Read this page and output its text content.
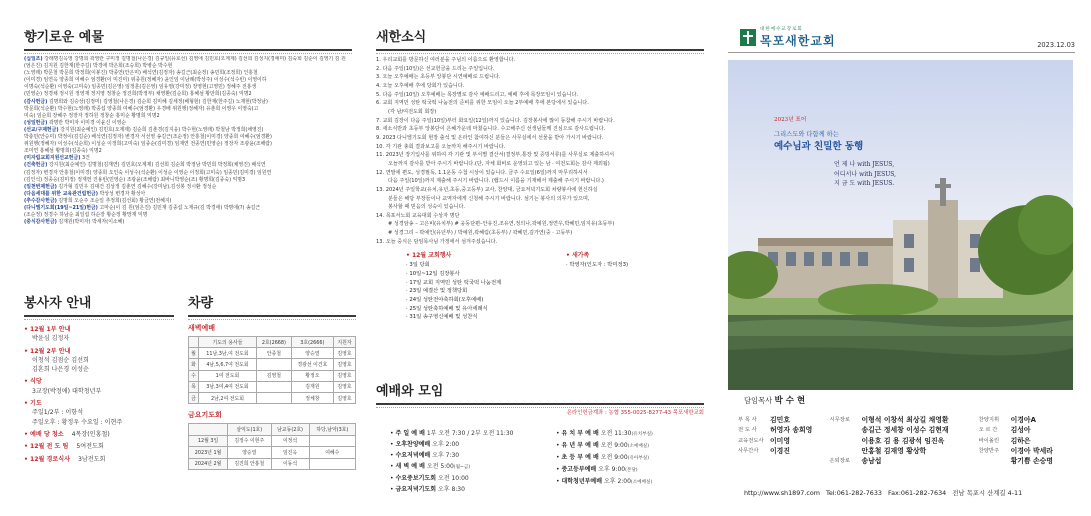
향기로운 예물
(십일조) 강래명김옥영 강명희 곽영란 구미정 김명철(나은경) 김규일(유호선) 김영애 김민호(오계제) 김선희 김성지(경예미) 김숙희 김순이 김영기 김 원(엄은진) 김지원 김한재(한주길) 박경애 박은희(조승희) 박병순 박수현
(노영래) 박문철 박문희 박정희(이봉진) 박종연(안은미) 배석연(김정자) 송길근(최순정) 송민희(조정희) 인홍철
(이미경) 임연옥 양종희 여혜수 엄경환(이 미진미) 위종원(정혜자) 윤인임 이남례(박상주) 이성수(석수빈) 이영이하
이명숙(석순환) 이영숙(고미숙) 임종민(김은영) 임정훈(김은영) 임유영(강미정) 장영현(고영민) 정혜주 전홍생
(민영순) 정경채 정시원 정영재 정지영 정창순 정진희(박정부) 채영환(김순희) 홍혜섬 황만희(김종숙) 익명2
(감사헌금) 김명희와 김승상(김정미) 김영철(나은경) 김순희 김미혜 김세정(배형현) 김한재(한주길) 노재현(박정남)
박문희(석순환) 박수현(노영래) 박종섭 양종희 여혜수(엄경환) 우경배 위원행(정혜자) 유춘희 이영우 이영숙(고
미숙) 임순희 장혜주 정장자 정하원 정창순 홍미순 황명희 익명2
(성일헌금) 곽명란 박미자 이미경 이윤신 이영순
(선교/구제헌금) 강지원(최순예인) 김민호(오계제) 김순희 김춘경(김지웅) 박수현(노영래) 박철남 박정희(채영진)
박충민(안승미) 박정이(김길순) 배석연(김정자) 변경자 서선영 송길근(조순정) 안홍철(이미경) 양종희 여혜수(엄경환)
위원행(정혜자) 이성수(석순희) 이성순 이정희(고미숙) 임종순(김미경) 임재연 전종연(민영순) 정장자 조광윤(조해람)
조미연 홍혜섬 황명희(김종숙) 익명2
(미자립교회지원선교헌금) 3건
(건축헌금) 강지원(최순예인) 김명철(김재연) 김민호(오계제) 김선희 김순희 박정남 박민희 박정희(채영진) 배석연
(김정자) 변경자 안홍철(이미경) 양종희 오인숙 이성수(석순환) 이성순 이영순 이정희(고미숙) 임종민(김미경) 임원연
(김인석) 정종응(김미정) 정재헌 진용빈(민영순) 조광윤(조해람) 최바니박영순(조) 황명희(김종숙) 익명3
(일천번제헌금) 김가형 김민우 김대건 김상정 김춘연 김혜수(강미남),김성봉 정시환 정성순
(다음세대를 위한 교육관건립헌금) 박상성 변경자 황성아
(추수감사헌금) 김명희 오순주 조순일 추정희(김선회) 황금연(천혜지)
(다니엘기도회(19일~21일)헌금) 고마순(이 김 원(엄은진) 김민재 김종섭 노재규(김 박경애) 박명애(?) 송길근
(조순정) 정경수 하남순 최일섭 하순장 황순정 황망재 익명
(중식감사헌금) 김재원(박미자) 박세자(이소혜)
봉사자 안내
• 12월 1부 안내
박윤심 김정자
• 12월 2부 안내
이청석 김점순 김선희
김혼희 나은경 이성순
• 식당
3교장(박정애) 대학청년부
• 기도
주일1/2부 : 이항석
주일오후 : 황정우 수요일 : 이현주
• 예배 당 청소 4목장(인홍철)
• 12월 전 도 팀 5여전도회
• 12월 경로식사 3남전도회
차량
새벽예배
	기도의 용사들	2호(2668)	3호(2666)	지원자
월	11남,3남,여 전도회	안종철	양승열	김영호
화	4남,5,6,7여 전도회		경광선 이건호	김영호
수	1여 전도회	김영철	황정오	김영호
목	3남,3여,4여 전도회		김재원	김영호
금	2남,2여 전도회		정체창	김영호
금요기도회
	삼익도(1호)	남교동(2호)	하당,남악(3호)
12월 3일	김정수 이현주	이정석	
2023년 1월	양승열	임진옥	여혜수
2024년 2월	김진희 안홍철	이동석	
새한소식
1. 우리교회를 방문하신 여러분을 주님의 이름으로 환영합니다.
2. 다음 주일(10일)은 선교헌금을 드리는 주일입니다.
3. 오늘 오후예배는 초등부 앙봉단 시연예배로 드립니다.
4. 오늘 오후예배 후에 당회가 있습니다.
5. 다음 주일(10일) 오후예배는 목장별로 감사 예배드리고, 예배 후에 목장모임이 있습니다.
6. 교회 지역민 성탄 떡국떡 나눔전의 준비를 위한 모임이 오늘 2부예배 후에 본당에서 있습니다.
(각 남/여전도회 회장)
7. 교회 김장이 다음 주일(10일)부터 화요일(12일)까지 있습니다. 김장봉사에 많이 동참해 주시기 바랍니다.
8. 새소식반과 초등부 앙봉단이 은혜가운데 마쳤습니다. 수고해주신 선생님들께 진심으로 감사드립니다.
9. 2023 다니엘기도회 현장 출석 및 온라인 참여하신 분들은 사무실에서 선물을 받아 가시기 바랍니다.
10. 각 기관 총회 결과보고를 오늘까지 해주시기 바랍니다.
11. 2023년 장기입사를 위하여 각 기관 및 부서별 결산서(결정부,통장 및 증빙서류)를 사무실로 제출하셔서
오늘까지 감사를 받아 주시기 바랍니다.(단, 자체 회비로 운영되고 있는 남 · 여전도회는 감사 제외됨)
12. 연말에 편도, 성경필독, 1.1운동 수첩 시상이 있습니다. 금주 수요일(6일)까지 마무리하셔서
다음 주일(10일)까지 제출해 주시기 바랍니다. (랩드시 이름을 기재해서 제출해 주시기 바랍니다.)
13. 2024년 주일학교(유치,유년,초등,중고등부) 교사, 찬양대, 금요저녁기도회 차량봉사에 헌신하실
분들은 해당 부장들이나 교역자에게 신청해 주시기 바랍니다. 섬기는 봉사의 의무가 있으며,
봉사할 때 믿음의 성숙이 있습니다.
14. 목포서노회 교육대회 수상자 명단
# 성경암송 – 고은비(유치부) # 웅동단편–안유진,조유연,정의나,곽예원,정연우,박혜민,임지유(초등부)
# 성경그리 – 곽예인(유년부) / 박예원,곽혜림(초등부) / 곽혜민,김가연(중 · 고등부)
13. 오늘 중식은 담임목사님 가정에서 섬겨주셨습니다.
• 12월 교회행사
· 3일 당회
· 10일~12일 김장봉사
· 17일 교회 지역민 성탄 떡국떡 나눔전제
· 23일 예결산 및 정책당회
· 24일 성탄전야축하회(오후예배)
· 25일 성탄축하예배 및 유아세례식
· 31일 송구영신예배 및 성찬식
• 새가족
· 박영자(인도자 : 박미정3)
예배와 모임
온라인헌금계좌 : 농협 355-0025-8277-43 목포새한교회
• 주 일 예 배 1부 오전 7:30 / 2부 오전 11:30
• 오후찬양예배 오후 2:00
• 수요저녁예배 오후 7:30
• 새 벽 예 배 오전 5:00(월~금)
• 수요중보기도회 오전 10:00
• 금요저녁기도회 오후 8:30
• 유 치 부 예 배 오전 11:30(유치부실)
• 유 년 부 예 배 오전 9:00(소예배실)
• 초 등 부 예 배 오전 9:00(유아부실)
• 중고등부예배 오후 9:00(본당)
• 대학청년부예배 오후 2:00(소예배실)
대한예수교장로회
목포새한교회	2023.12.03
2023년 표어
그리스도와 다함께 하는
예수님과 친밀한 동행
언 제 나 with JESUS,
어디서나 with JESUS,
지 금 도 with JESUS.
담임목사 박 수 현
부 목 사	김민호
전 도 사	허영자 송희영
교육전도사 이미영
사무간사	이경진
시무장로	이형석 이창석 최상길 채영환
송길근 정세창 이성수 김현재
이용호 김 용 김광석 임진옥
안홍철 김재영 황상학
은퇴장로	송남섭
찬양지휘	이경아A
오 르 간	김성아
바이올린	김하은
찬양반주	이경아 박세라
황기쁨 손승명
http://www.sh1897.com Tel:061-282-7633 Fax:061-282-7634 전남 목포시 산계길 4-11
